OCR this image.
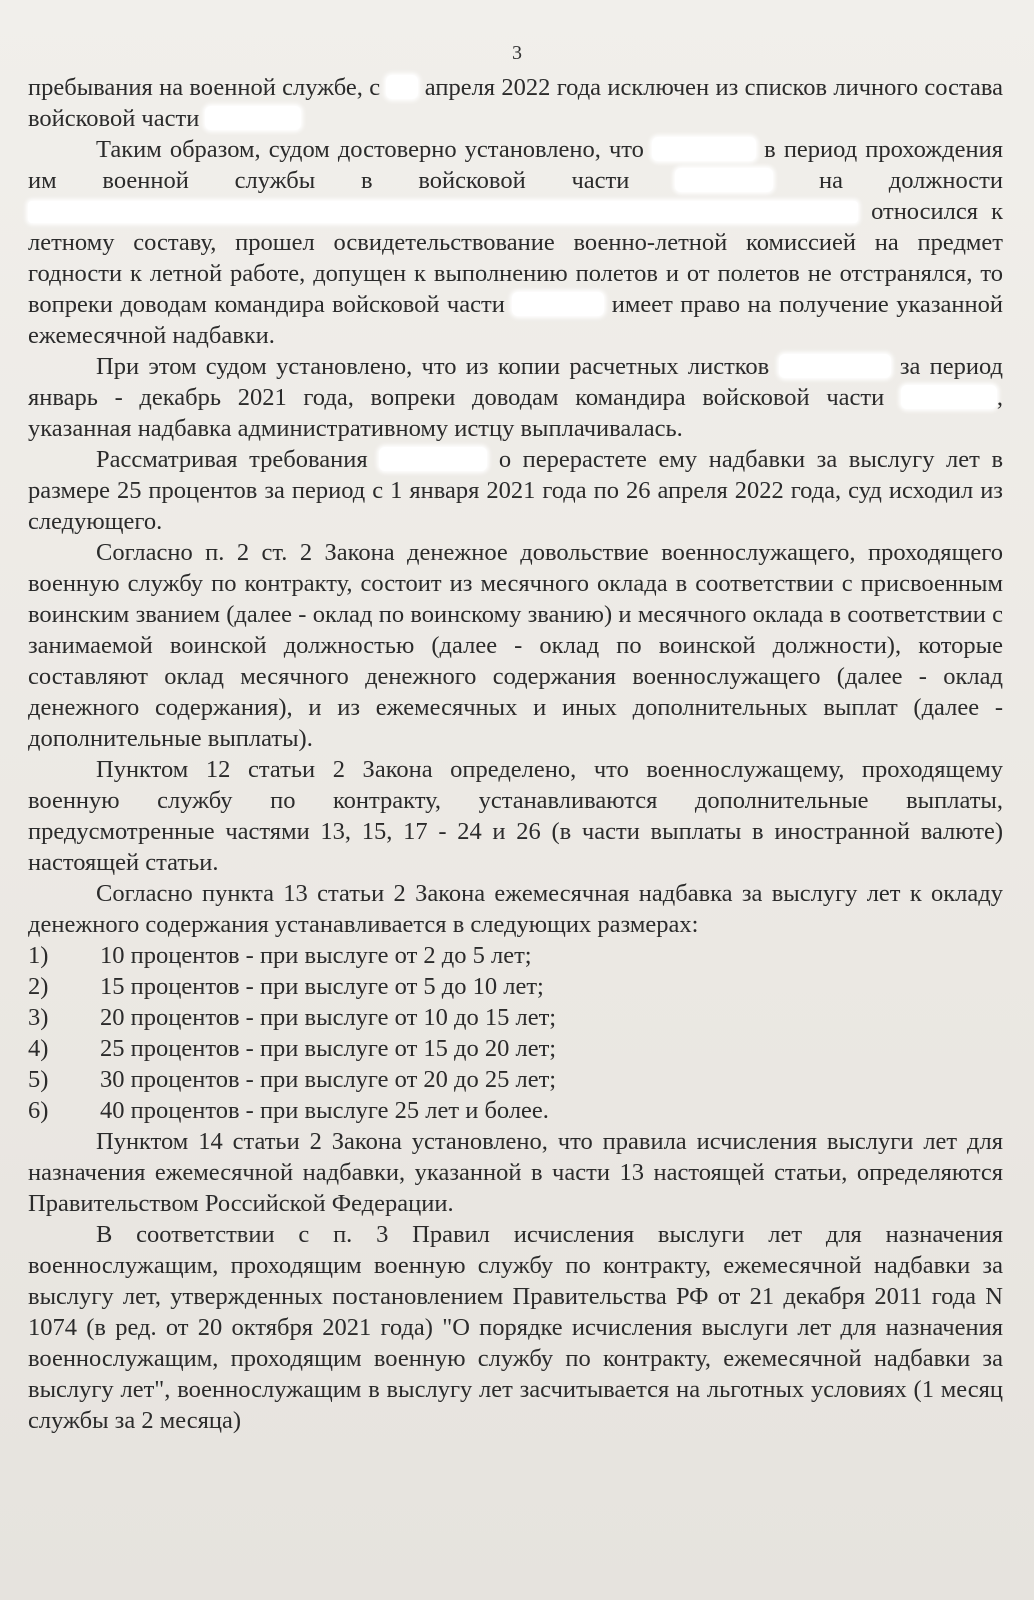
3

пребывания на военной службе, с апреля 2022 года исключен из списков личного состава войсковой части

Таким образом, судом достоверно установлено, что	в период прохождения им военной службы в войсковой части	на должности  относился к летному составу, прошел освидетельствование военно-летной комиссией на предмет годности к летной работе, допущен к выполнению полетов и от полетов не отстранялся, то вопреки доводам командира войсковой части	имеет право на получение указанной ежемесячной надбавки.

При этом судом установлено, что из копии расчетных листков	за период январь - декабрь 2021 года, вопреки доводам командира войсковой части	, указанная надбавка административному истцу выплачивалась.

Рассматривая требования	о перерастете ему надбавки за выслугу лет в размере 25 процентов за период с 1 января 2021 года по 26 апреля 2022 года, суд исходил из следующего.

Согласно п. 2 ст. 2 Закона денежное довольствие военнослужащего, проходящего военную службу по контракту, состоит из месячного оклада в соответствии с присвоенным воинским званием (далее - оклад по воинскому званию) и месячного оклада в соответствии с занимаемой воинской должностью (далее - оклад по воинской должности), которые составляют оклад месячного денежного содержания военнослужащего (далее - оклад денежного содержания), и из ежемесячных и иных дополнительных выплат (далее - дополнительные выплаты).

Пунктом 12 статьи 2 Закона определено, что военнослужащему, проходящему военную службу по контракту, устанавливаются дополнительные выплаты, предусмотренные частями 13, 15, 17 - 24 и 26 (в части выплаты в иностранной валюте) настоящей статьи.

Согласно пункта 13 статьи 2 Закона ежемесячная надбавка за выслугу лет к окладу денежного содержания устанавливается в следующих размерах:

1)	10 процентов - при выслуге от 2 до 5 лет;
2)	15 процентов - при выслуге от 5 до 10 лет;
3)	20 процентов - при выслуге от 10 до 15 лет;
4)	25 процентов - при выслуге от 15 до 20 лет;
5)	30 процентов - при выслуге от 20 до 25 лет;
6)	40 процентов - при выслуге 25 лет и более.

Пунктом 14 статьи 2 Закона установлено, что правила исчисления выслуги лет для назначения ежемесячной надбавки, указанной в части 13 настоящей статьи, определяются Правительством Российской Федерации.

В соответствии с п. 3 Правил исчисления выслуги лет для назначения военнослужащим, проходящим военную службу по контракту, ежемесячной надбавки за выслугу лет, утвержденных постановлением Правительства РФ от 21 декабря 2011 года N 1074 (в ред. от 20 октября 2021 года) "О порядке исчисления выслуги лет для назначения военнослужащим, проходящим военную службу по контракту, ежемесячной надбавки за выслугу лет", военнослужащим в выслугу лет засчитывается на льготных условиях (1 месяц службы за 2 месяца)
